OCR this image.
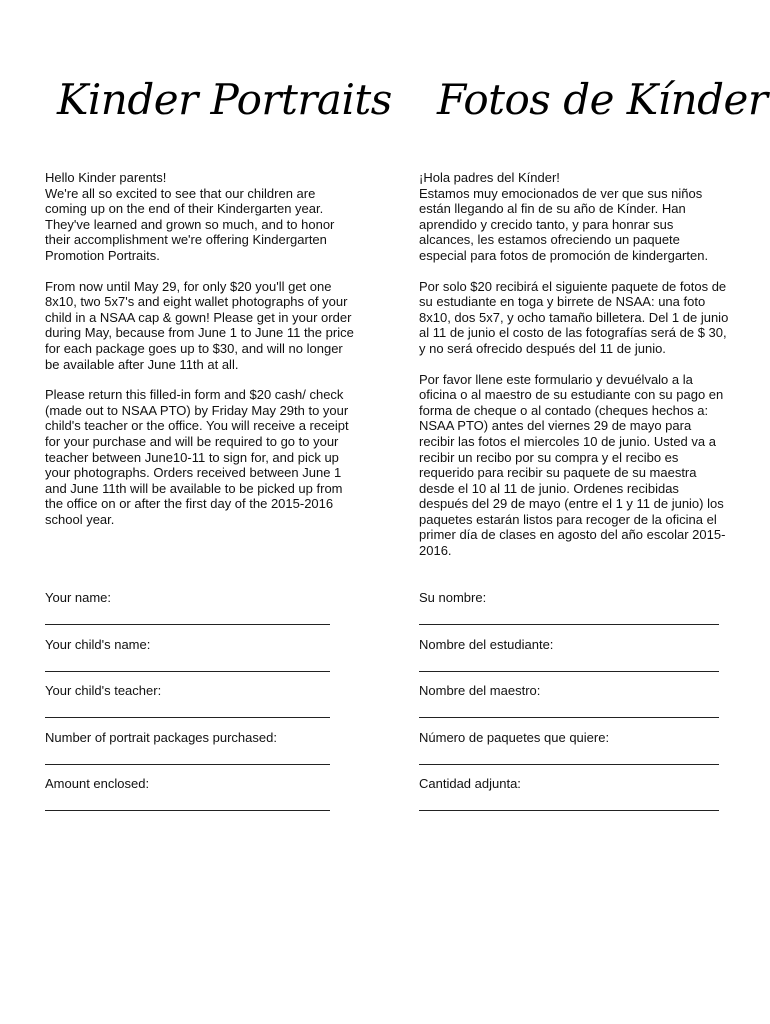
Kinder Portraits

Hello Kinder parents!

We're all so excited to see that our children are coming up on the end of their Kindergarten year. They've learned and grown so much, and to honor their accomplishment we're offering Kindergarten Promotion Portraits.

From now until May 29, for only $20 you'll get one 8x10, two 5x7's and eight wallet photographs of your child in a NSAA cap & gown! Please get in your order during May, because from June 1 to June 11 the price for each package goes up to $30, and will no longer be available after June 11th at all.

Please return this filled-in form and $20 cash/ check (made out to NSAA PTO) by Friday May 29th to your child's teacher or the office. You will receive a receipt for your purchase and will be required to go to your teacher between June10-11 to sign for, and pick up your photographs. Orders received between June 1 and June 11th will be available to be picked up from the office on or after the first day of the 2015-2016 school year.

Fotos de Kínder

¡Hola padres del Kínder!

Estamos muy emocionados de ver que sus niños están llegando al fin de su año de Kínder. Han aprendido y crecido tanto, y para honrar sus alcances, les estamos ofreciendo un paquete especial para fotos de promoción de kindergarten.

Por solo $20 recibirá el siguiente paquete de fotos de su estudiante en toga y birrete de NSAA: una foto 8x10, dos 5x7, y ocho tamaño billetera. Del 1 de junio al 11 de junio el costo de las fotografías será de $ 30, y no será ofrecido después del 11 de junio.

Por favor llene este formulario y devuélvalo a la oficina o al maestro de su estudiante con su pago en forma de cheque o al contado (cheques hechos a: NSAA PTO) antes del viernes 29 de mayo para recibir las fotos el miercoles 10 de junio. Usted va a recibir un recibo por su compra y el recibo es requerido para recibir su paquete de su maestra desde el 10 al 11 de junio. Ordenes recibidas después del 29 de mayo (entre el 1 y 11 de junio) los paquetes estarán listos para recoger de la oficina el primer día de clases en agosto del año escolar 2015-2016.

Your name:
Your child's name:
Your child's teacher:
Number of portrait packages purchased:
Amount enclosed:
Su nombre:
Nombre del estudiante:
Nombre del maestro:
Número de paquetes que quiere:
Cantidad adjunta:
